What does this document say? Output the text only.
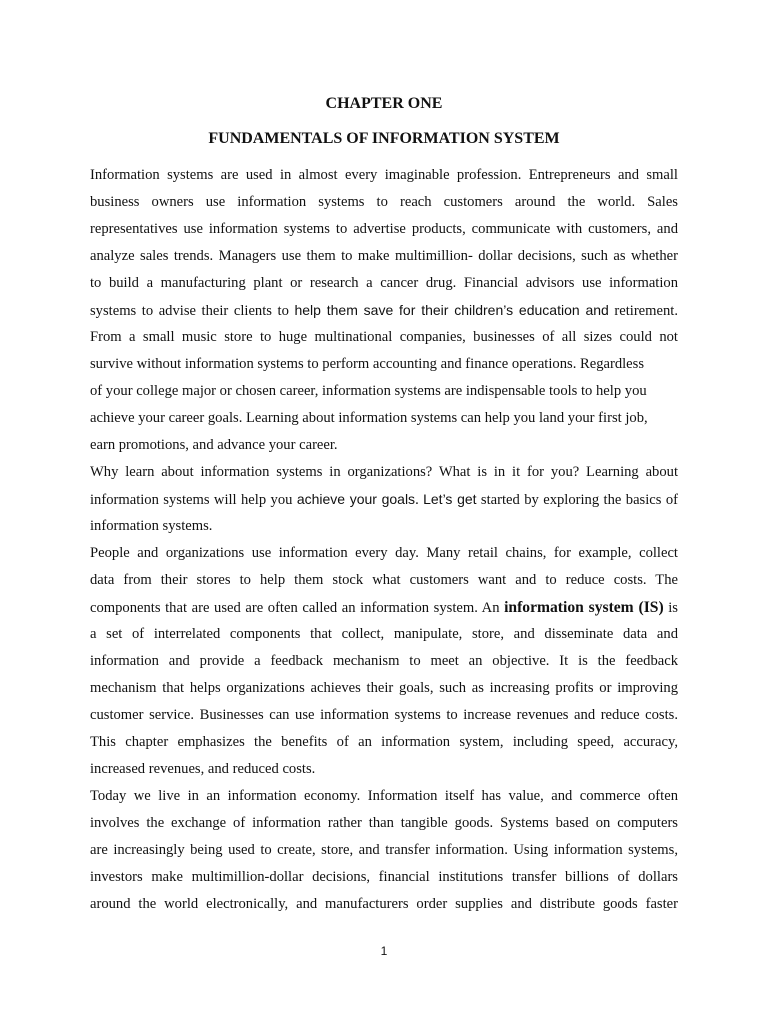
CHAPTER ONE
FUNDAMENTALS OF INFORMATION SYSTEM
Information systems are used in almost every imaginable profession. Entrepreneurs and small
business owners use information systems to reach customers around the world. Sales
representatives use information systems to advertise products, communicate with customers, and
analyze sales trends. Managers use them to make multimillion- dollar decisions, such as whether
to build a manufacturing plant or research a cancer drug. Financial advisors use information
systems to advise their clients to help them save for their children’s education and retirement.
From a small music store to huge multinational companies, businesses of all sizes could not
survive without information systems to perform accounting and finance operations. Regardless
of your college major or chosen career, information systems are indispensable tools to help you
achieve your career goals. Learning about information systems can help you land your first job,
earn promotions, and advance your career.
Why learn about information systems in organizations? What is in it for you? Learning about
information systems will help you achieve your goals. Let’s get started by exploring the basics of
information systems.
People and organizations use information every day. Many retail chains, for example, collect
data from their stores to help them stock what customers want and to reduce costs. The
components that are used are often called an information system. An information system (IS) is
a set of interrelated components that collect, manipulate, store, and disseminate data and
information and provide a feedback mechanism to meet an objective. It is the feedback
mechanism that helps organizations achieves their goals, such as increasing profits or improving
customer service. Businesses can use information systems to increase revenues and reduce costs.
This chapter emphasizes the benefits of an information system, including speed, accuracy,
increased revenues, and reduced costs.
Today we live in an information economy. Information itself has value, and commerce often
involves the exchange of information rather than tangible goods. Systems based on computers
are increasingly being used to create, store, and transfer information. Using information systems,
investors make multimillion-dollar decisions, financial institutions transfer billions of dollars
around the world electronically, and manufacturers order supplies and distribute goods faster
1
